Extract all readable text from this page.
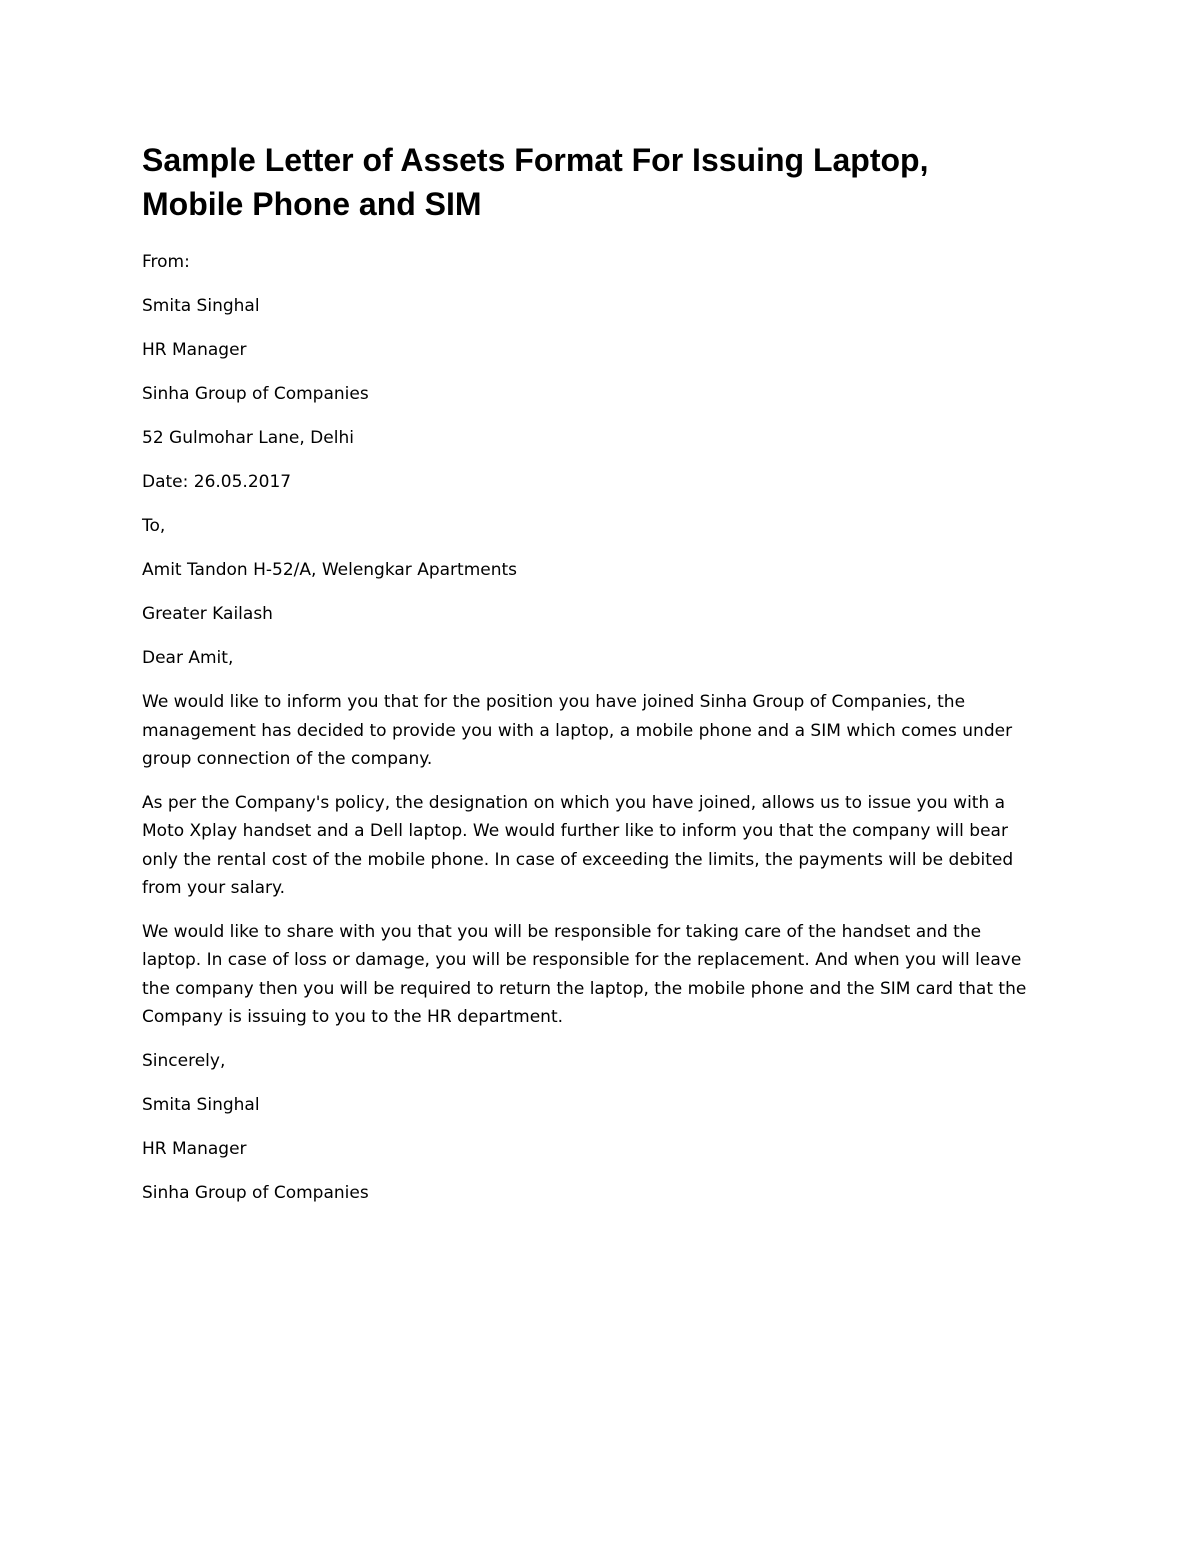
Sample Letter of Assets Format For Issuing Laptop,
Mobile Phone and SIM
From:
Smita Singhal
HR Manager
Sinha Group of Companies
52 Gulmohar Lane, Delhi
Date: 26.05.2017
To,
Amit Tandon H-52/A, Welengkar Apartments
Greater Kailash
Dear Amit,
We would like to inform you that for the position you have joined Sinha Group of Companies, the
management has decided to provide you with a laptop, a mobile phone and a SIM which comes under
group connection of the company.
As per the Company's policy, the designation on which you have joined, allows us to issue you with a
Moto Xplay handset and a Dell laptop. We would further like to inform you that the company will bear
only the rental cost of the mobile phone. In case of exceeding the limits, the payments will be debited
from your salary.
We would like to share with you that you will be responsible for taking care of the handset and the
laptop. In case of loss or damage, you will be responsible for the replacement. And when you will leave
the company then you will be required to return the laptop, the mobile phone and the SIM card that the
Company is issuing to you to the HR department.
Sincerely,
Smita Singhal
HR Manager
Sinha Group of Companies
